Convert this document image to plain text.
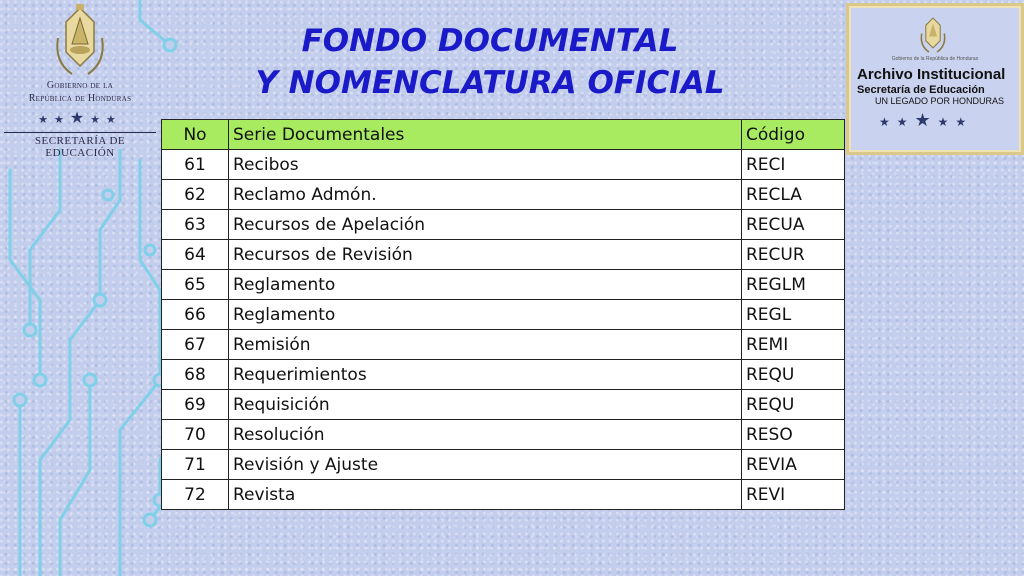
Gobierno de la
República de Honduras
★★★★★
SECRETARÍA DE EDUCACIÓN
FONDO DOCUMENTAL
Y NOMENCLATURA OFICIAL
Gobierno de la República de Honduras
Archivo Institucional
Secretaría de Educación
UN LEGADO POR HONDURAS
★★★★★
No	Serie Documentales	Código
61	Recibos	RECI
62	Reclamo Admón.	RECLA
63	Recursos de Apelación	RECUA
64	Recursos de Revisión	RECUR
65	Reglamento	REGLM
66	Reglamento	REGL
67	Remisión	REMI
68	Requerimientos	REQU
69	Requisición	REQU
70	Resolución	RESO
71	Revisión y Ajuste	REVIA
72	Revista	REVI
